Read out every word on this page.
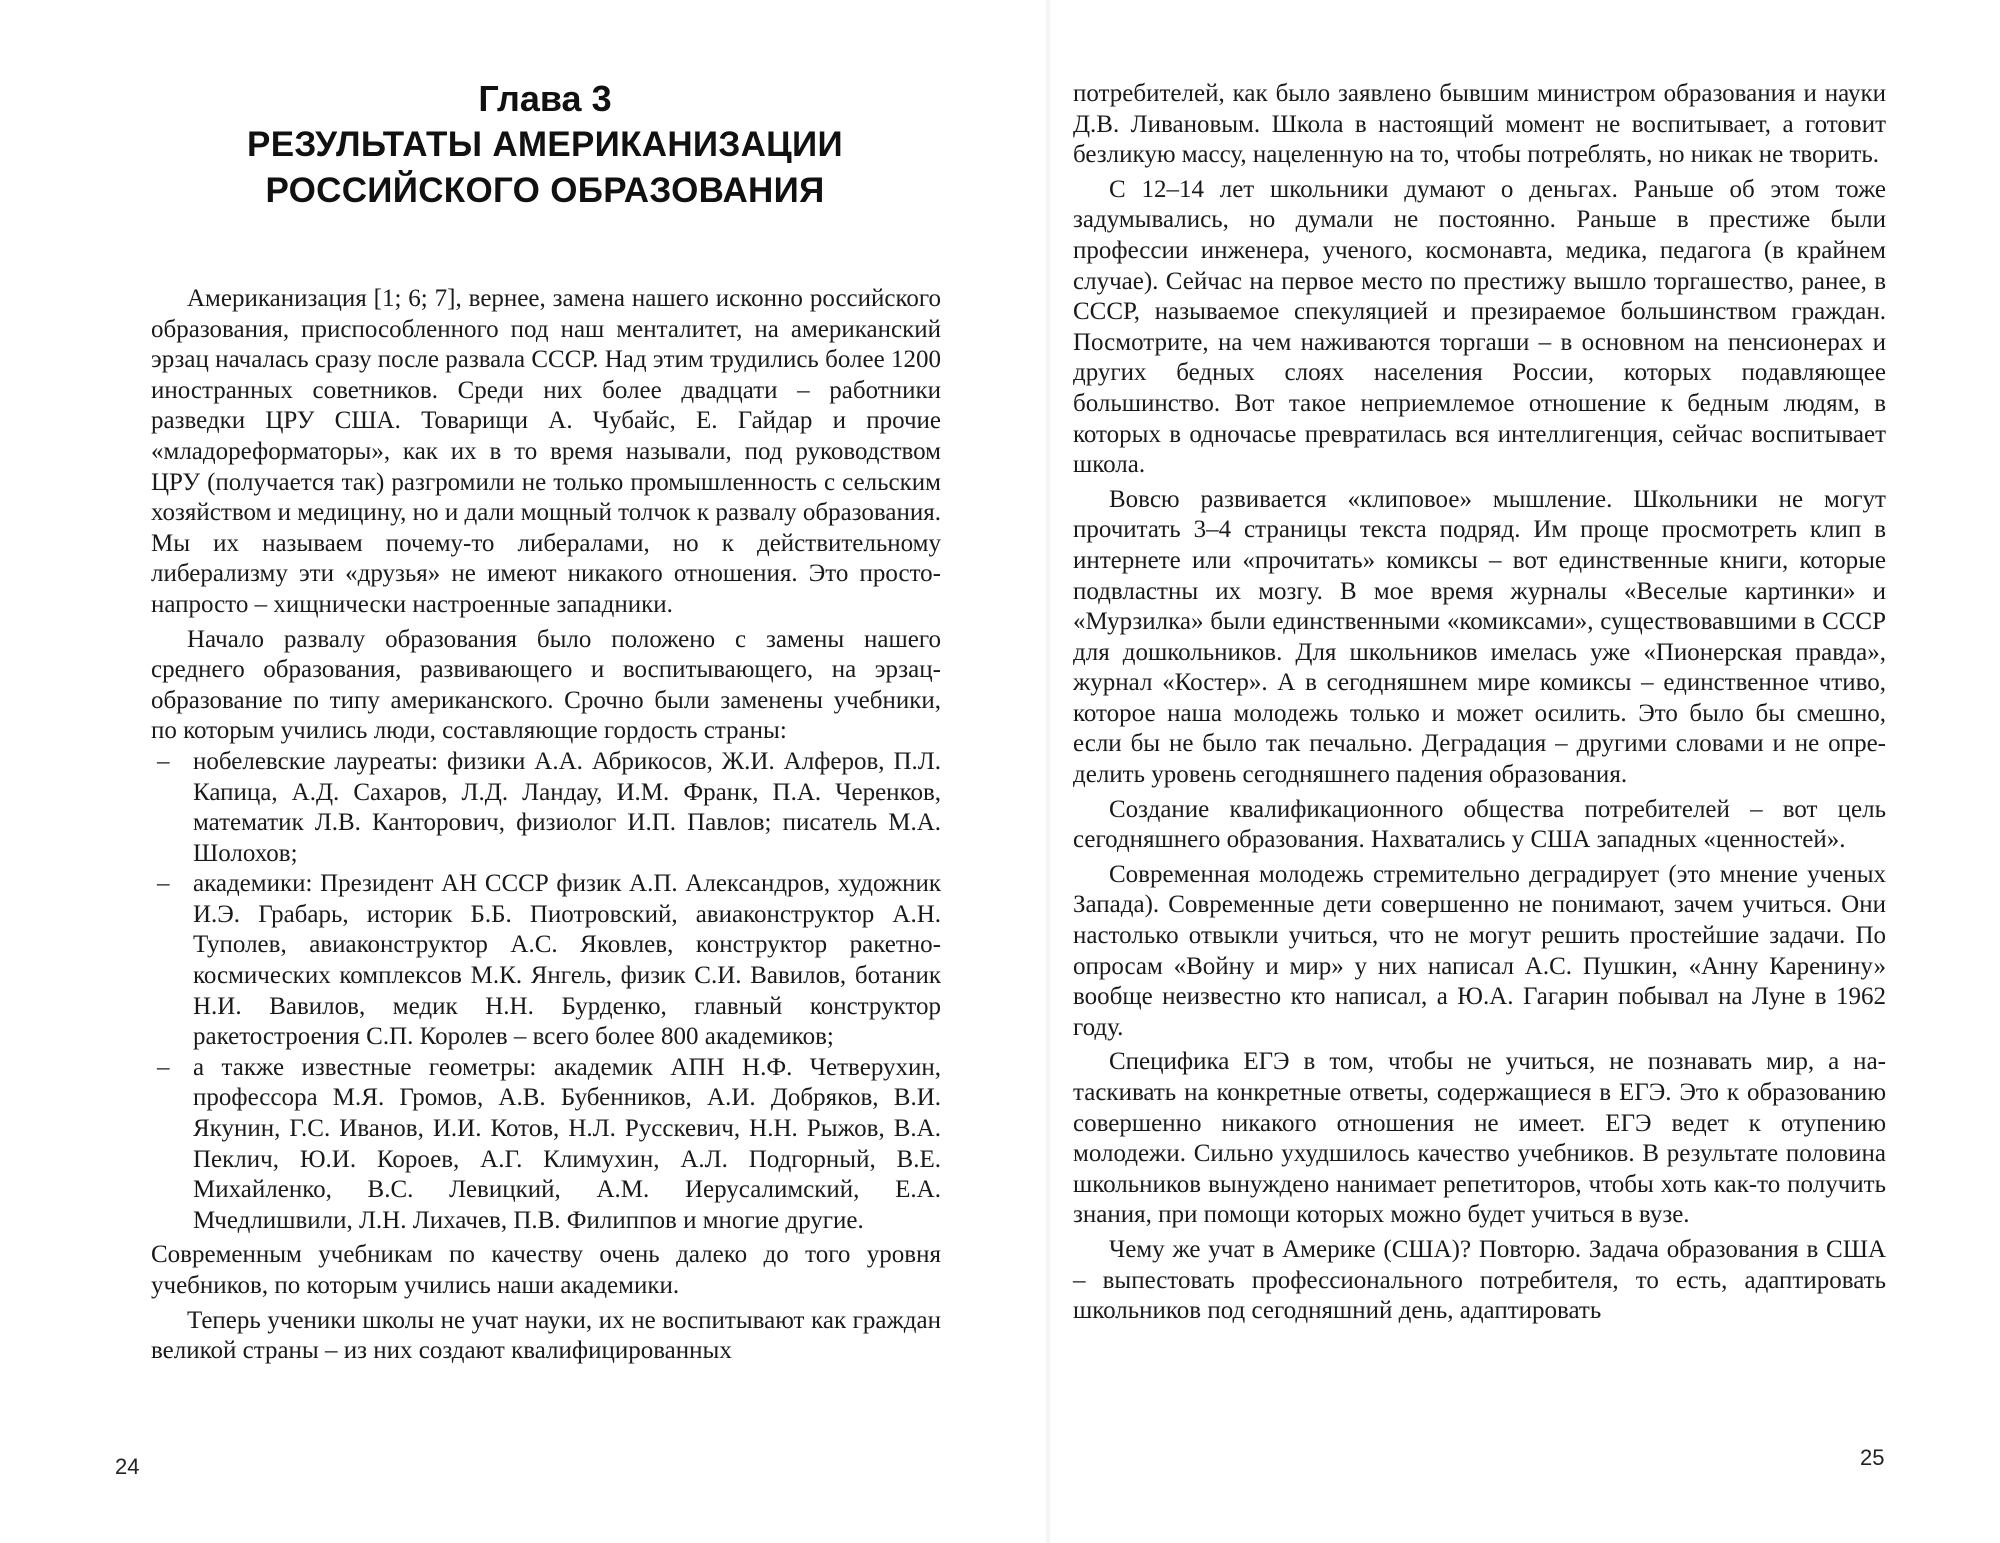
Глава 3
РЕЗУЛЬТАТЫ АМЕРИКАНИЗАЦИИ
РОССИЙСКОГО ОБРАЗОВАНИЯ

Американизация [1; 6; 7], вернее, замена нашего исконно российского образования, приспособленного под наш менталитет, на американский эрзац началась сразу после развала СССР. Над этим трудились более 1200 иностранных советников. Среди них более двадцати – работники разведки ЦРУ США. Товарищи А. Чубайс, Е. Гайдар и прочие «младореформаторы», как их в то время называли, под руководством ЦРУ (получается так) разгромили не только промышленность с сельским хозяйством и медицину, но и дали мощный толчок к развалу образования. Мы их называем почему-то либералами, но к действительному либерализму эти «друзья» не имеют никакого отношения. Это просто-напросто – хищнически настроенные западники.

Начало развалу образования было положено с замены нашего среднего образования, развивающего и воспитывающего, на эрзацобразование по типу американского. Срочно были заменены учебники, по которым учились люди, составляющие гордость страны:

– нобелевские лауреаты: физики А.А. Абрикосов, Ж.И. Алферов, П.Л. Капица, А.Д. Сахаров, Л.Д. Ландау, И.М. Франк, П.А. Черенков, математик Л.В. Канторович, физиолог И.П. Павлов; писатель М.А. Шолохов;
– академики: Президент АН СССР физик А.П. Александров, художник И.Э. Грабарь, историк Б.Б. Пиотровский, авиаконструктор А.Н. Туполев, авиаконструктор А.С. Яковлев, конструктор ракетно-космических комплексов М.К. Янгель, физик С.И. Вавилов, ботаник Н.И. Вавилов, медик Н.Н. Бурденко, главный конструктор ракетостроения С.П. Королев – всего более 800 академиков;
– а также известные геометры: академик АПН Н.Ф. Четверухин, профессора М.Я. Громов, А.В. Бубенников, А.И. Добряков, В.И. Якунин, Г.С. Иванов, И.И. Котов, Н.Л. Русскевич, Н.Н. Рыжов, В.А. Пеклич, Ю.И. Короев, А.Г. Климухин, А.Л. Подгорный, В.Е. Михайленко, В.С. Левицкий, А.М. Иерусалимский, Е.А. Мчедлишвили, Л.Н. Лихачев, П.В. Филиппов и многие другие.

Современным учебникам по качеству очень далеко до того уровня учебников, по которым учились наши академики.

Теперь ученики школы не учат науки, их не воспитывают как граждан великой страны – из них создают квалифицированных

24

потребителей, как было заявлено бывшим министром образования и науки Д.В. Ливановым. Школа в настоящий момент не воспитывает, а готовит безликую массу, нацеленную на то, чтобы потреблять, но никак не творить.

С 12–14 лет школьники думают о деньгах. Раньше об этом тоже задумывались, но думали не постоянно. Раньше в престиже были профессии инженера, ученого, космонавта, медика, педагога (в крайнем случае). Сейчас на первое место по престижу вышло торгашество, ранее, в СССР, называемое спекуляцией и презираемое большинством граждан. Посмотрите, на чем наживаются торгаши – в основном на пенсионерах и других бедных слоях населения России, которых подавляющее большинство. Вот такое неприемлемое отношение к бедным людям, в которых в одночасье превратилась вся интеллигенция, сейчас воспитывает школа.

Вовсю развивается «клиповое» мышление. Школьники не могут прочитать 3–4 страницы текста подряд. Им проще просмотреть клип в интернете или «прочитать» комиксы – вот единственные книги, которые подвластны их мозгу. В мое время журналы «Веселые картинки» и «Мурзилка» были единственными «комиксами», существовавшими в СССР для дошкольников. Для школьников имелась уже «Пионерская правда», журнал «Костер». А в сегодняшнем мире комиксы – единственное чтиво, которое наша молодежь только и может осилить. Это было бы смешно, если бы не было так печально. Деградация – другими словами и не определить уровень сегодняшнего падения образования.

Создание квалификационного общества потребителей – вот цель сегодняшнего образования. Нахватались у США западных «ценностей».

Современная молодежь стремительно деградирует (это мнение ученых Запада). Современные дети совершенно не понимают, зачем учиться. Они настолько отвыкли учиться, что не могут решить простейшие задачи. По опросам «Войну и мир» у них написал А.С. Пушкин, «Анну Каренину» вообще неизвестно кто написал, а Ю.А. Гагарин побывал на Луне в 1962 году.

Специфика ЕГЭ в том, чтобы не учиться, не познавать мир, а натаскивать на конкретные ответы, содержащиеся в ЕГЭ. Это к образованию совершенно никакого отношения не имеет. ЕГЭ ведет к отупению молодежи. Сильно ухудшилось качество учебников. В результате половина школьников вынуждено нанимает репетиторов, чтобы хоть как-то получить знания, при помощи которых можно будет учиться в вузе.

Чему же учат в Америке (США)? Повторю. Задача образования в США – выпестовать профессионального потребителя, то есть, адаптировать школьников под сегодняшний день, адаптировать

25
